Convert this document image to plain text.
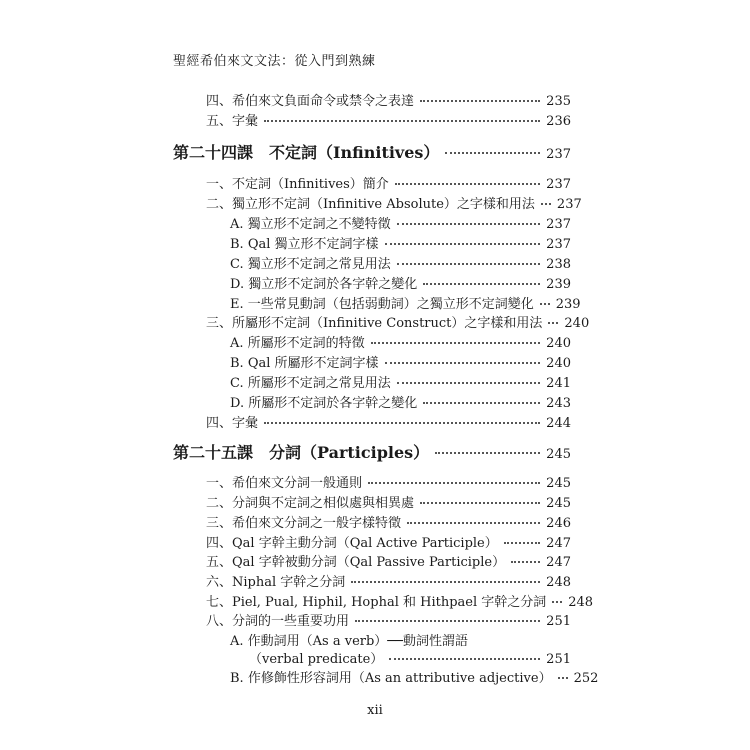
聖經希伯來文文法：從入門到熟練
四、希伯來文負面命令或禁令之表達	235
五、字彙	236
第二十四課　不定詞（Infinitives）	237
一、不定詞（Infinitives）簡介	237
二、獨立形不定詞（Infinitive Absolute）之字樣和用法 237
A. 獨立形不定詞之不變特徵	237
B. Qal 獨立形不定詞字樣	237
C. 獨立形不定詞之常見用法	238
D. 獨立形不定詞於各字幹之變化	239
E. 一些常見動詞（包括弱動詞）之獨立形不定詞變化 239
三、所屬形不定詞（Infinitive Construct）之字樣和用法 240
A. 所屬形不定詞的特徵	240
B. Qal 所屬形不定詞字樣	240
C. 所屬形不定詞之常見用法	241
D. 所屬形不定詞於各字幹之變化	243
四、字彙	244
第二十五課　分詞（Participles）	245
一、希伯來文分詞一般通則	245
二、分詞與不定詞之相似處與相異處	245
三、希伯來文分詞之一般字樣特徵	246
四、Qal 字幹主動分詞（Qal Active Participle）	247
五、Qal 字幹被動分詞（Qal Passive Participle）	247
六、Niphal 字幹之分詞	248
七、Piel, Pual, Hiphil, Hophal 和 Hithpael 字幹之分詞 248
八、分詞的一些重要功用	251
A. 作動詞用（As a verb）──動詞性謂語
（verbal predicate）	251
B. 作修飾性形容詞用（As an attributive adjective） 252
xii
